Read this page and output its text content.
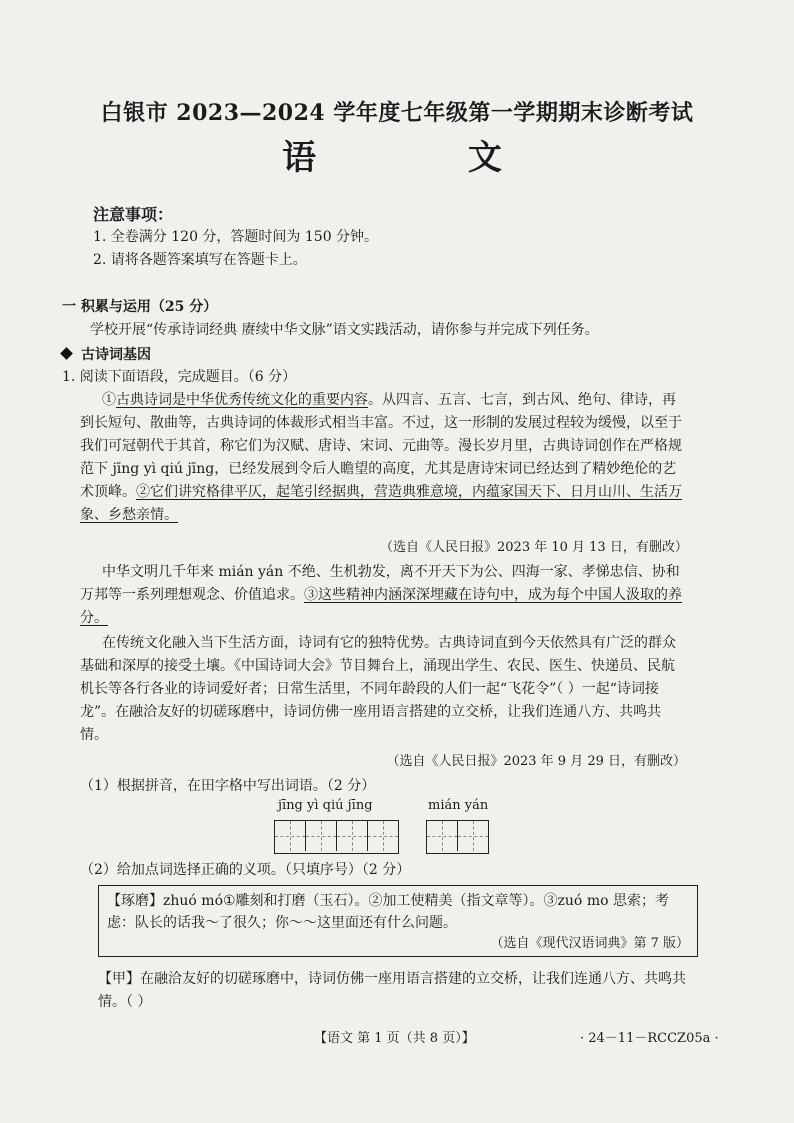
白银市 2023—2024 学年度七年级第一学期期末诊断考试
语 文
注意事项：
1. 全卷满分 120 分，答题时间为 150 分钟。
2. 请将各题答案填写在答题卡上。
一 积累与运用（25 分）
学校开展“传承诗词经典 赓续中华文脉”语文实践活动，请你参与并完成下列任务。
古诗词基因
1. 阅读下面语段，完成题目。（6 分）
①古典诗词是中华优秀传统文化的重要内容。从四言、五言、七言，到古风、绝句、律诗，再到长短句、散曲等，古典诗词的体裁形式相当丰富。不过，这一形制的发展过程较为缓慢，以至于我们可冠朝代于其首，称它们为汉赋、唐诗、宋词、元曲等。漫长岁月里，古典诗词创作在严格规范下 jīng yì qiú jīng，已经发展到令后人瞻望的高度，尤其是唐诗宋词已经达到了精妙绝伦的艺术顶峰。②它们讲究格律平仄，起笔引经据典，营造典雅意境，内蕴家国天下、日月山川、生活万象、乡愁亲情。
（选自《人民日报》2023 年 10 月 13 日，有删改）
中华文明几千年来 mián yán 不绝、生机勃发，离不开天下为公、四海一家、孝悌忠信、协和万邦等一系列理想观念、价值追求。③这些精神内涵深深埋藏在诗句中，成为每个中国人汲取的养分。
在传统文化融入当下生活方面，诗词有它的独特优势。古典诗词直到今天依然具有广泛的群众基础和深厚的接受土壤。《中国诗词大会》节目舞台上，涌现出学生、农民、医生、快递员、民航机长等各行各业的诗词爱好者；日常生活里，不同年龄段的人们一起“飞花令”（ ）一起“诗词接龙”。在融洽友好的切磋琢磨中，诗词仿佛一座用语言搭建的立交桥，让我们连通八方、共鸣共情。
（选自《人民日报》2023 年 9 月 29 日，有删改）
（1）根据拼音，在田字格中写出词语。（2 分）
jīng yì qiú jīng	mián yán
（2）给加点词选择正确的义项。（只填序号）（2 分）
【琢磨】zhuó mó①雕刻和打磨（玉石）。②加工使精美（指文章等）。③zuó mo 思索；考
虑：队长的话我～了很久；你～～这里面还有什么问题。
（选自《现代汉语词典》第 7 版）
【甲】在融洽友好的切磋琢磨中，诗词仿佛一座用语言搭建的立交桥，让我们连通八方、共鸣共情。（ ）
【语文 第 1 页（共 8 页）】	· 24－11－RCCZ05a ·
